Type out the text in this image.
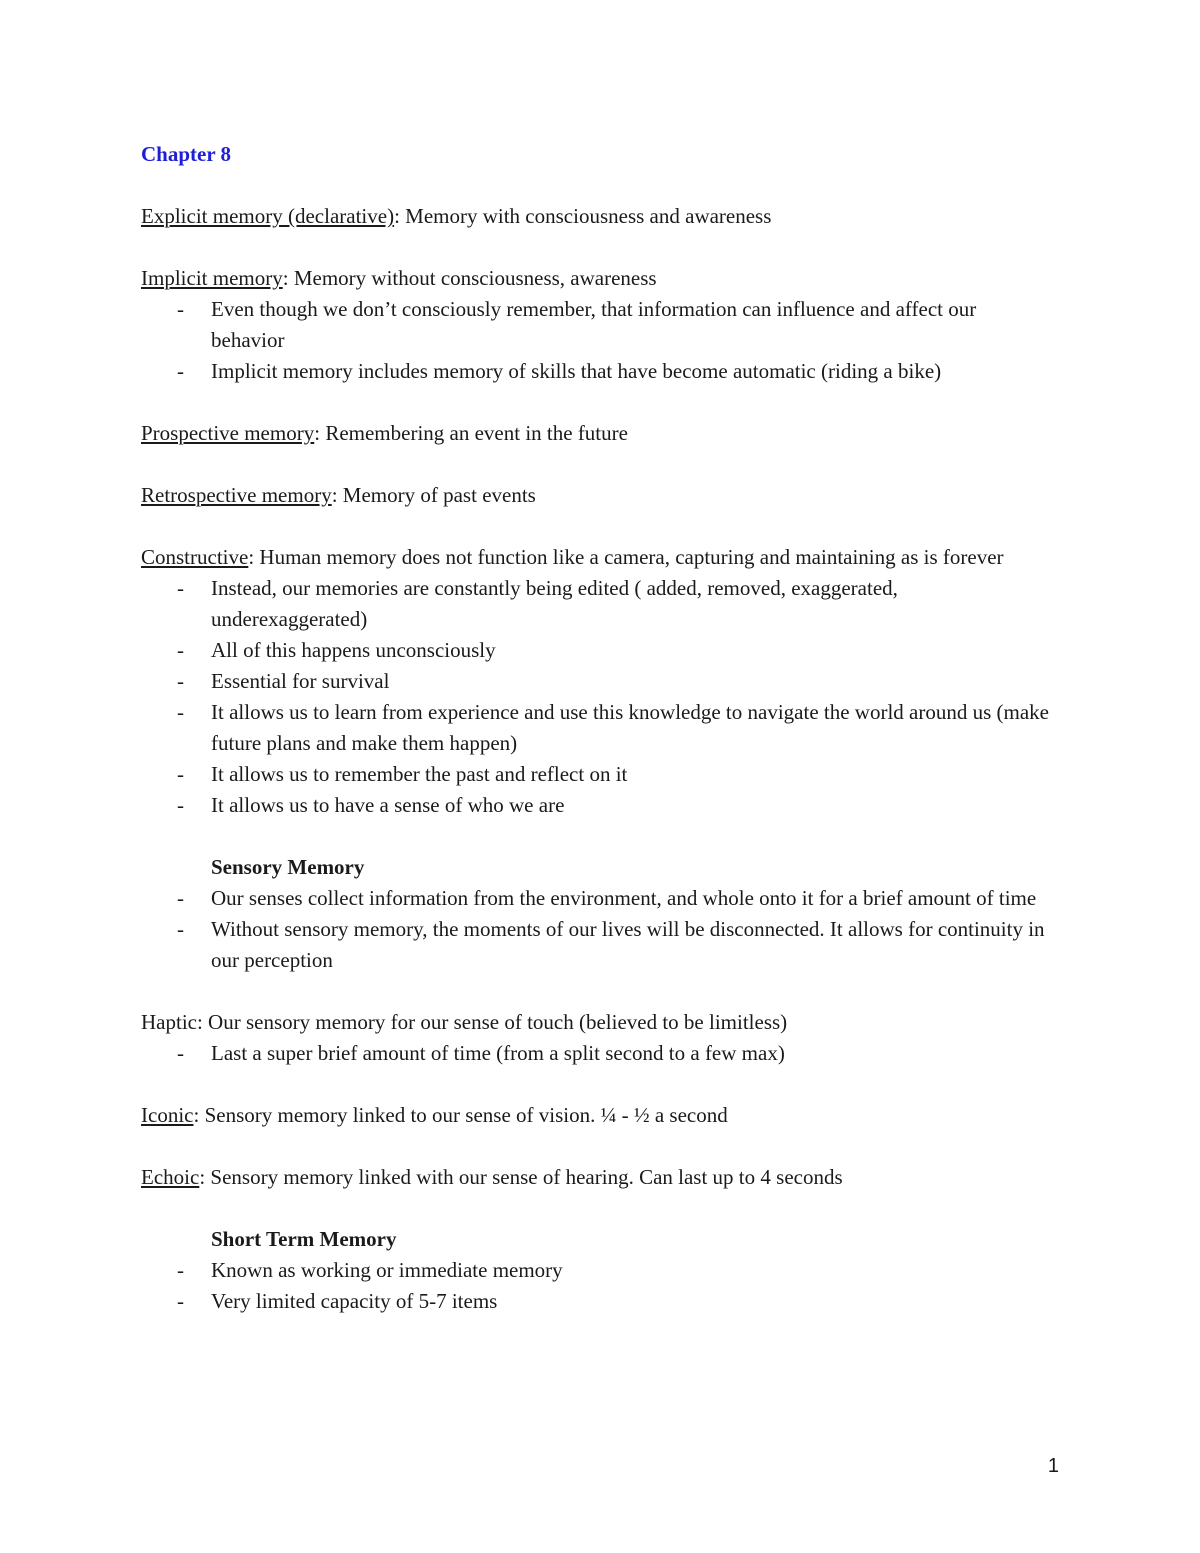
Chapter 8

Explicit memory (declarative): Memory with consciousness and awareness

Implicit memory: Memory without consciousness, awareness

- Even though we don’t consciously remember, that information can influence and affect our behavior
- Implicit memory includes memory of skills that have become automatic (riding a bike)

Prospective memory: Remembering an event in the future

Retrospective memory: Memory of past events

Constructive: Human memory does not function like a camera, capturing and maintaining as is forever

- Instead, our memories are constantly being edited ( added, removed, exaggerated, underexaggerated)
- All of this happens unconsciously
- Essential for survival
- It allows us to learn from experience and use this knowledge to navigate the world around us (make future plans and make them happen)
- It allows us to remember the past and reflect on it
- It allows us to have a sense of who we are

Sensory Memory

- Our senses collect information from the environment, and whole onto it for a brief amount of time
- Without sensory memory, the moments of our lives will be disconnected. It allows for continuity in our perception

Haptic: Our sensory memory for our sense of touch (believed to be limitless)

- Last a super brief amount of time (from a split second to a few max)

Iconic: Sensory memory linked to our sense of vision. ¼ - ½ a second

Echoic: Sensory memory linked with our sense of hearing. Can last up to 4 seconds

Short Term Memory

- Known as working or immediate memory
- Very limited capacity of 5-7 items
1
